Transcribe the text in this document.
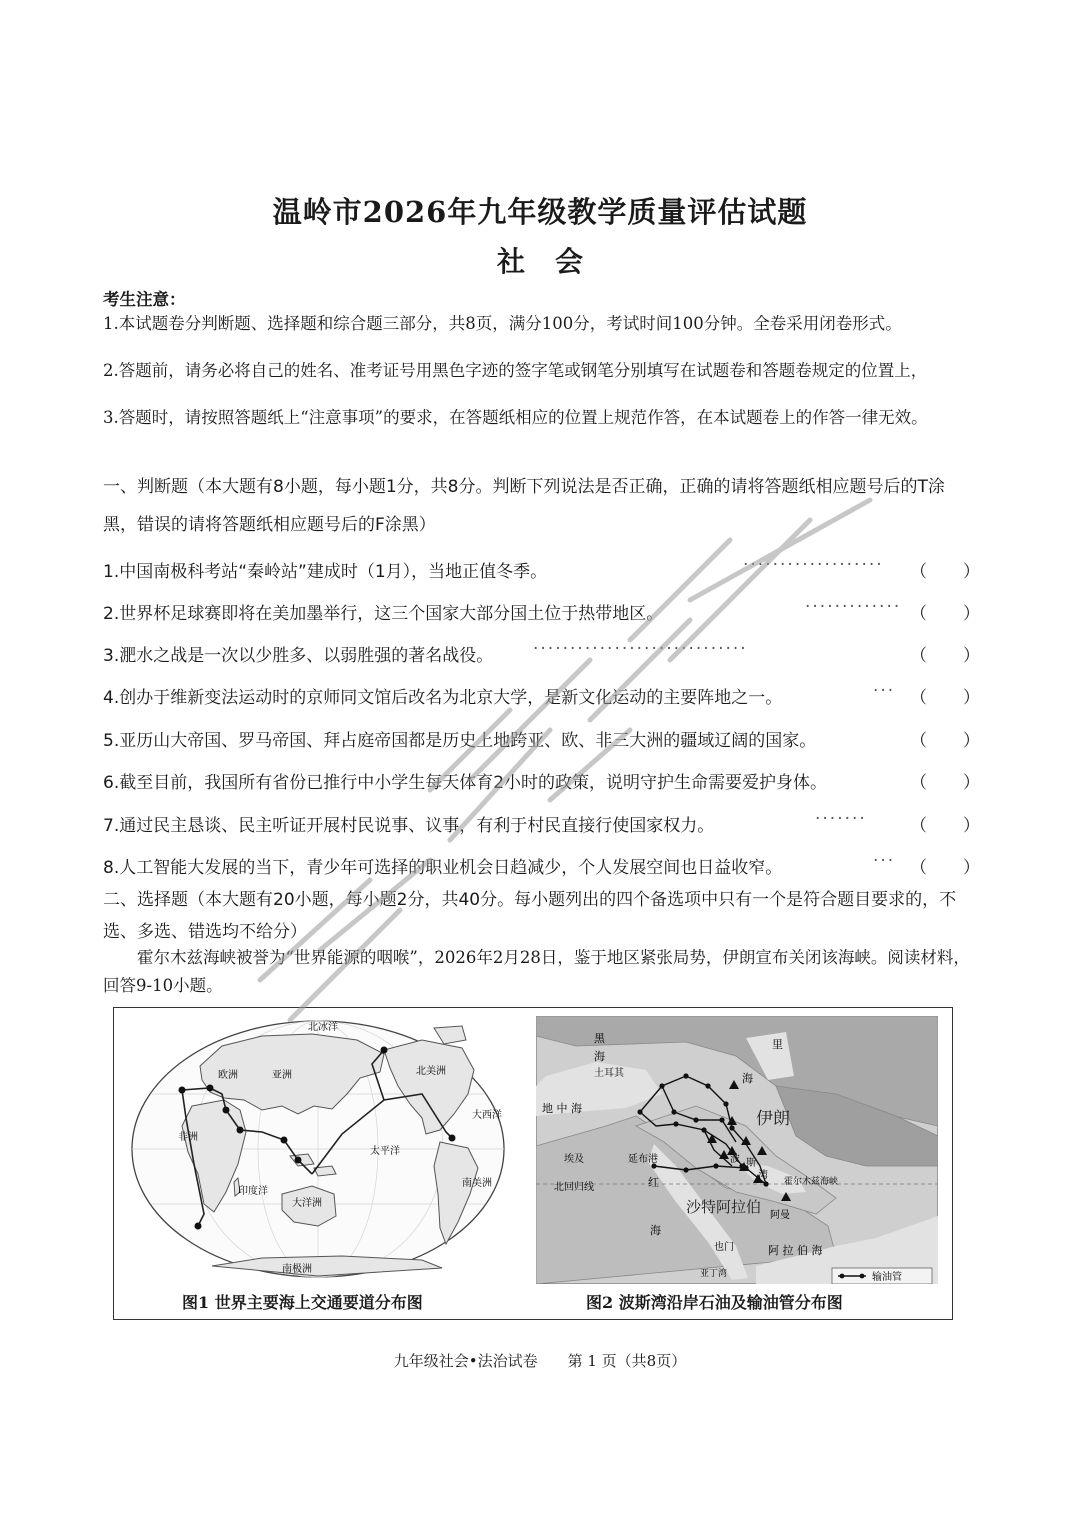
温岭市2026年九年级教学质量评估试题
社会
考生注意：
1.本试题卷分判断题、选择题和综合题三部分，共8页，满分100分，考试时间100分钟。全卷采用闭卷形式。
2.答题前，请务必将自己的姓名、准考证号用黑色字迹的签字笔或钢笔分别填写在试题卷和答题卷规定的位置上，
3.答题时，请按照答题纸上“注意事项”的要求，在答题纸相应的位置上规范作答，在本试题卷上的作答一律无效。
一、判断题（本大题有8小题，每小题1分，共8分。判断下列说法是否正确，正确的请将答题纸相应题号后的T涂黑，错误的请将答题纸相应题号后的F涂黑）
1.中国南极科考站“秦岭站”建成时（1月），当地正值冬季。	··················· （ ）
2.世界杯足球赛即将在美加墨举行，这三个国家大部分国土位于热带地区。	············· （ ）
3.淝水之战是一次以少胜多、以弱胜强的著名战役。 ·····························	（ ）
4.创办于维新变法运动时的京师同文馆后改名为北京大学，是新文化运动的主要阵地之一。	··· （ ）
5.亚历山大帝国、罗马帝国、拜占庭帝国都是历史上地跨亚、欧、非三大洲的疆域辽阔的国家。	（ ）
6.截至目前，我国所有省份已推行中小学生每天体育2小时的政策，说明守护生命需要爱护身体。	（ ）
7.通过民主恳谈、民主听证开展村民说事、议事，有利于村民直接行使国家权力。	·······	（ ）
8.人工智能大发展的当下，青少年可选择的职业机会日趋减少，个人发展空间也日益收窄。	··· （ ）
二、选择题（本大题有20小题，每小题2分，共40分。每小题列出的四个备选项中只有一个是符合题目要求的，不选、多选、错选均不给分）
霍尔木兹海峡被誉为“世界能源的咽喉”，2026年2月28日，鉴于地区紧张局势，伊朗宣布关闭该海峡。阅读材料，回答9-10小题。
北冰洋
欧洲	亚洲
非洲
印度洋
大洋洲
太平洋
北美洲
大西洋
南美洲
南极洲
图1 世界主要海上交通要道分布图
黑	里
土耳其
海
海
地 中 海
伊朗
埃及	延布港
北回归线	红
海
波 斯
湾
霍尔木兹海峡
沙特阿拉伯 阿曼
也门	阿 拉 伯 海
亚丁湾	输油管
图2 波斯湾沿岸石油及输油管分布图
九年级社会•法治试卷　　第 1 页（共8页）
